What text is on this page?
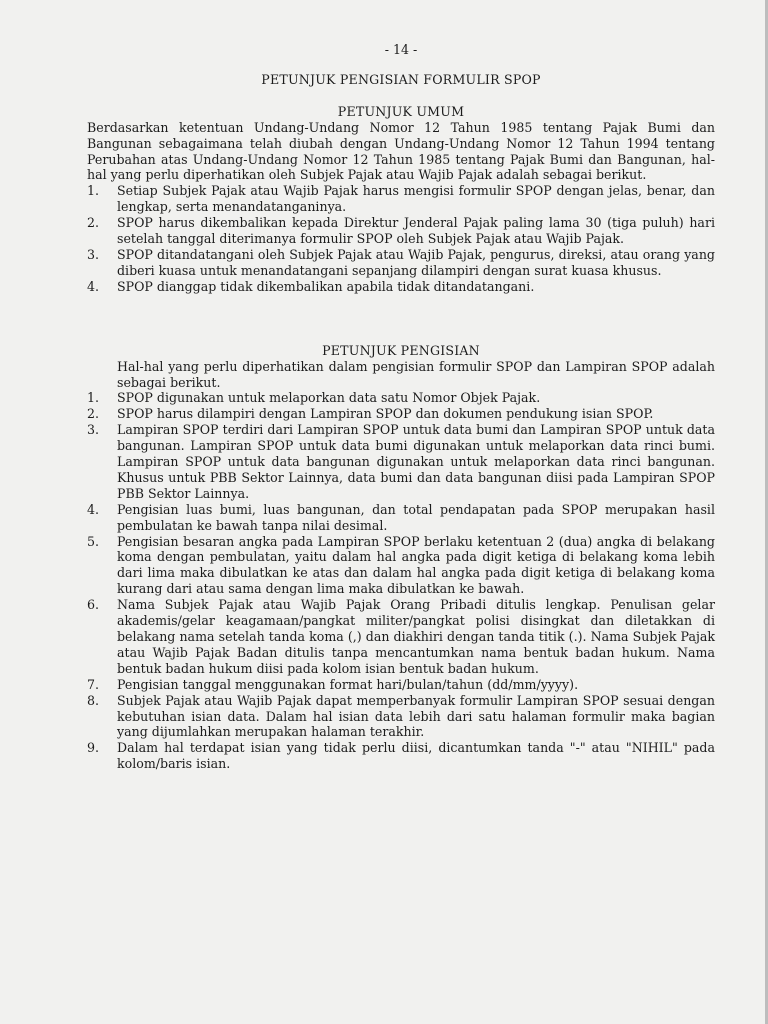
- 14 -

PETUNJUK PENGISIAN FORMULIR SPOP

PETUNJUK UMUM

Berdasarkan ketentuan Undang-Undang Nomor 12 Tahun 1985 tentang Pajak Bumi dan Bangunan sebagaimana telah diubah dengan Undang-Undang Nomor 12 Tahun 1994 tentang Perubahan atas Undang-Undang Nomor 12 Tahun 1985 tentang Pajak Bumi dan Bangunan, hal-hal yang perlu diperhatikan oleh Subjek Pajak atau Wajib Pajak adalah sebagai berikut.

1.	Setiap Subjek Pajak atau Wajib Pajak harus mengisi formulir SPOP dengan jelas, benar, dan lengkap, serta menandatanganinya.
2.	SPOP harus dikembalikan kepada Direktur Jenderal Pajak paling lama 30 (tiga puluh) hari setelah tanggal diterimanya formulir SPOP oleh Subjek Pajak atau Wajib Pajak.
3.	SPOP ditandatangani oleh Subjek Pajak atau Wajib Pajak, pengurus, direksi, atau orang yang diberi kuasa untuk menandatangani sepanjang dilampiri dengan surat kuasa khusus.
4.	SPOP dianggap tidak dikembalikan apabila tidak ditandatangani.

PETUNJUK PENGISIAN

Hal-hal yang perlu diperhatikan dalam pengisian formulir SPOP dan Lampiran SPOP adalah sebagai berikut.

1.	SPOP digunakan untuk melaporkan data satu Nomor Objek Pajak.
2.	SPOP harus dilampiri dengan Lampiran SPOP dan dokumen pendukung isian SPOP.
3.	Lampiran SPOP terdiri dari Lampiran SPOP untuk data bumi dan Lampiran SPOP untuk data bangunan. Lampiran SPOP untuk data bumi digunakan untuk melaporkan data rinci bumi. Lampiran SPOP untuk data bangunan digunakan untuk melaporkan data rinci bangunan. Khusus untuk PBB Sektor Lainnya, data bumi dan data bangunan diisi pada Lampiran SPOP PBB Sektor Lainnya.
4.	Pengisian luas bumi, luas bangunan, dan total pendapatan pada SPOP merupakan hasil pembulatan ke bawah tanpa nilai desimal.
5.	Pengisian besaran angka pada Lampiran SPOP berlaku ketentuan 2 (dua) angka di belakang koma dengan pembulatan, yaitu dalam hal angka pada digit ketiga di belakang koma lebih dari lima maka dibulatkan ke atas dan dalam hal angka pada digit ketiga di belakang koma kurang dari atau sama dengan lima maka dibulatkan ke bawah.
6.	Nama Subjek Pajak atau Wajib Pajak Orang Pribadi ditulis lengkap. Penulisan gelar akademis/gelar keagamaan/pangkat militer/pangkat polisi disingkat dan diletakkan di belakang nama setelah tanda koma (,) dan diakhiri dengan tanda titik (.). Nama Subjek Pajak atau Wajib Pajak Badan ditulis tanpa mencantumkan nama bentuk badan hukum. Nama bentuk badan hukum diisi pada kolom isian bentuk badan hukum.
7.	Pengisian tanggal menggunakan format hari/bulan/tahun (dd/mm/yyyy).
8.	Subjek Pajak atau Wajib Pajak dapat memperbanyak formulir Lampiran SPOP sesuai dengan kebutuhan isian data. Dalam hal isian data lebih dari satu halaman formulir maka bagian yang dijumlahkan merupakan halaman terakhir.
9.	Dalam hal terdapat isian yang tidak perlu diisi, dicantumkan tanda "-" atau "NIHIL" pada kolom/baris isian.
